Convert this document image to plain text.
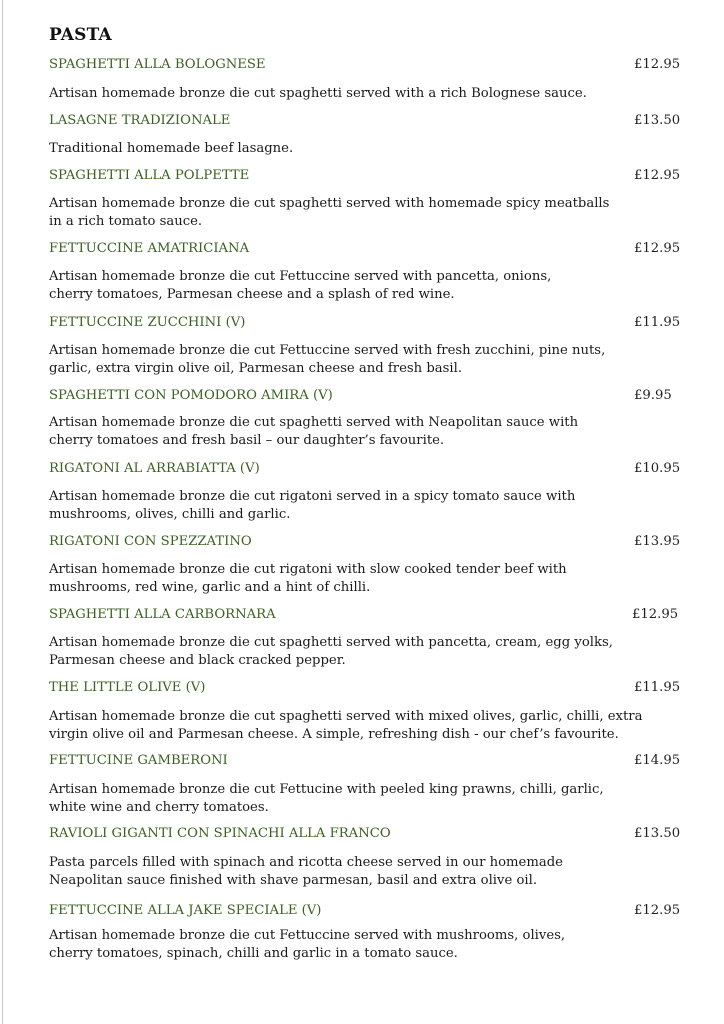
PASTA
SPAGHETTI ALLA BOLOGNESE	£12.95
Artisan homemade bronze die cut spaghetti served with a rich Bolognese sauce.
LASAGNE TRADIZIONALE	£13.50
Traditional homemade beef lasagne.
SPAGHETTI ALLA POLPETTE	£12.95
Artisan homemade bronze die cut spaghetti served with homemade spicy meatballs
in a rich tomato sauce.
FETTUCCINE AMATRICIANA	£12.95
Artisan homemade bronze die cut Fettuccine served with pancetta, onions,
cherry tomatoes, Parmesan cheese and a splash of red wine.
FETTUCCINE ZUCCHINI (V)	£11.95
Artisan homemade bronze die cut Fettuccine served with fresh zucchini, pine nuts,
garlic, extra virgin olive oil, Parmesan cheese and fresh basil.
SPAGHETTI CON POMODORO AMIRA (V)	£9.95
Artisan homemade bronze die cut spaghetti served with Neapolitan sauce with
cherry tomatoes and fresh basil – our daughter’s favourite.
RIGATONI AL ARRABIATTA (V)	£10.95
Artisan homemade bronze die cut rigatoni served in a spicy tomato sauce with
mushrooms, olives, chilli and garlic.
RIGATONI CON SPEZZATINO	£13.95
Artisan homemade bronze die cut rigatoni with slow cooked tender beef with
mushrooms, red wine, garlic and a hint of chilli.
SPAGHETTI ALLA CARBORNARA	£12.95
Artisan homemade bronze die cut spaghetti served with pancetta, cream, egg yolks,
Parmesan cheese and black cracked pepper.
THE LITTLE OLIVE (V)	£11.95
Artisan homemade bronze die cut spaghetti served with mixed olives, garlic, chilli, extra
virgin olive oil and Parmesan cheese. A simple, refreshing dish - our chef’s favourite.
FETTUCINE GAMBERONI	£14.95
Artisan homemade bronze die cut Fettucine with peeled king prawns, chilli, garlic,
white wine and cherry tomatoes.
RAVIOLI GIGANTI CON SPINACHI ALLA FRANCO	£13.50
Pasta parcels filled with spinach and ricotta cheese served in our homemade
Neapolitan sauce finished with shave parmesan, basil and extra olive oil.
FETTUCCINE ALLA JAKE SPECIALE (V)	£12.95
Artisan homemade bronze die cut Fettuccine served with mushrooms, olives,
cherry tomatoes, spinach, chilli and garlic in a tomato sauce.
